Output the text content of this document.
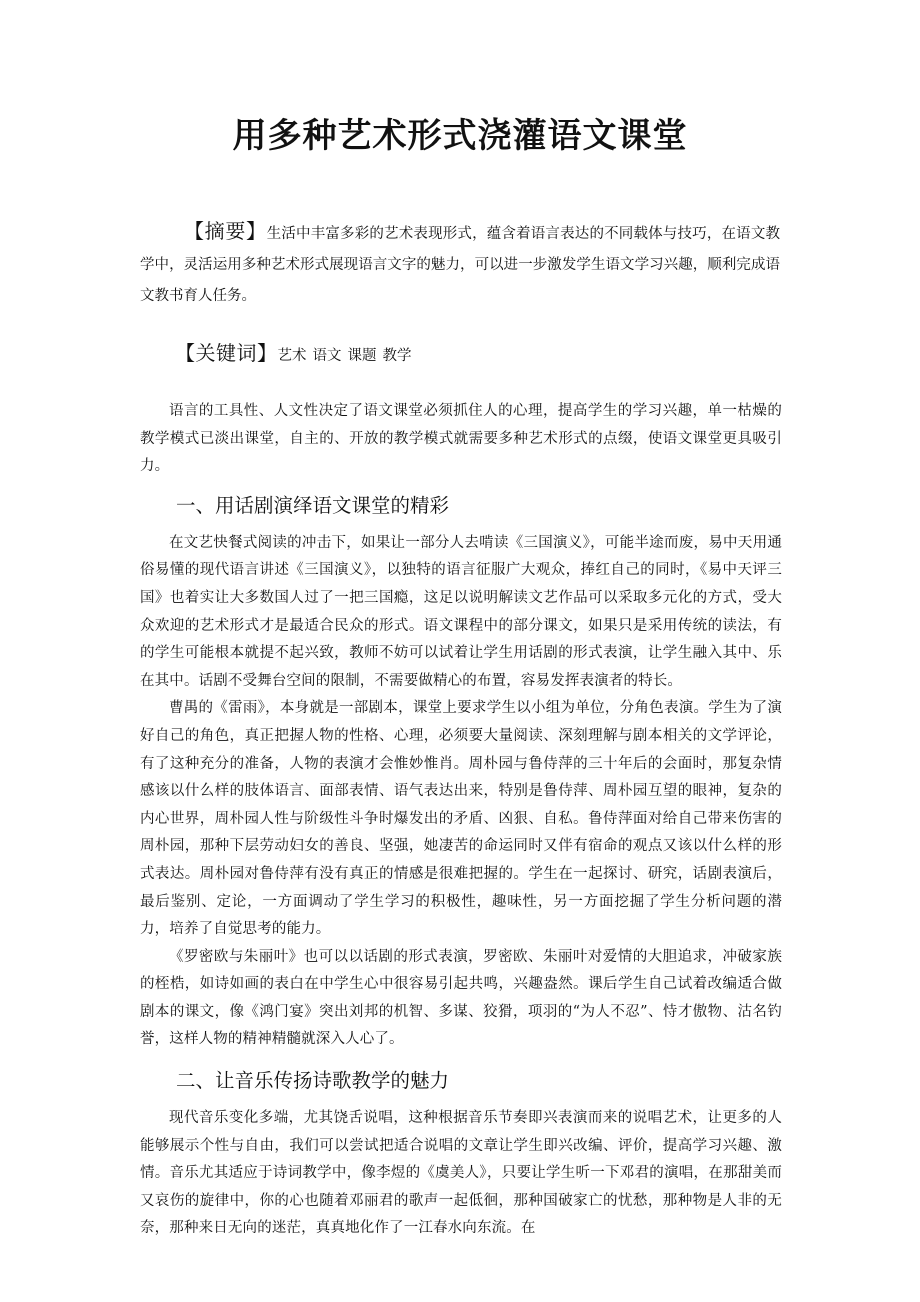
用多种艺术形式浇灌语文课堂

【摘要】生活中丰富多彩的艺术表现形式，蕴含着语言表达的不同载体与技巧，在语文教学中，灵活运用多种艺术形式展现语言文字的魅力，可以进一步激发学生语文学习兴趣，顺利完成语文教书育人任务。

【关键词】艺术 语文 课题 教学

语言的工具性、人文性决定了语文课堂必须抓住人的心理，提高学生的学习兴趣，单一枯燥的教学模式已淡出课堂，自主的、开放的教学模式就需要多种艺术形式的点缀，使语文课堂更具吸引力。

一、用话剧演绎语文课堂的精彩

在文艺快餐式阅读的冲击下，如果让一部分人去啃读《三国演义》，可能半途而废，易中天用通俗易懂的现代语言讲述《三国演义》，以独特的语言征服广大观众，捧红自己的同时，《易中天评三国》也着实让大多数国人过了一把三国瘾，这足以说明解读文艺作品可以采取多元化的方式，受大众欢迎的艺术形式才是最适合民众的形式。语文课程中的部分课文，如果只是采用传统的读法，有的学生可能根本就提不起兴致，教师不妨可以试着让学生用话剧的形式表演，让学生融入其中、乐在其中。话剧不受舞台空间的限制，不需要做精心的布置，容易发挥表演者的特长。

曹禺的《雷雨》，本身就是一部剧本，课堂上要求学生以小组为单位，分角色表演。学生为了演好自己的角色，真正把握人物的性格、心理，必须要大量阅读、深刻理解与剧本相关的文学评论，有了这种充分的准备，人物的表演才会惟妙惟肖。周朴园与鲁侍萍的三十年后的会面时，那复杂情感该以什么样的肢体语言、面部表情、语气表达出来，特别是鲁侍萍、周朴园互望的眼神，复杂的内心世界，周朴园人性与阶级性斗争时爆发出的矛盾、凶狠、自私。鲁侍萍面对给自己带来伤害的周朴园，那种下层劳动妇女的善良、坚强，她凄苦的命运同时又伴有宿命的观点又该以什么样的形式表达。周朴园对鲁侍萍有没有真正的情感是很难把握的。学生在一起探讨、研究，话剧表演后，最后鉴别、定论，一方面调动了学生学习的积极性，趣味性，另一方面挖掘了学生分析问题的潜力，培养了自觉思考的能力。

《罗密欧与朱丽叶》也可以以话剧的形式表演，罗密欧、朱丽叶对爱情的大胆追求，冲破家族的桎梏，如诗如画的表白在中学生心中很容易引起共鸣，兴趣盎然。课后学生自己试着改编适合做剧本的课文，像《鸿门宴》突出刘邦的机智、多谋、狡猾，项羽的“为人不忍”、恃才傲物、沽名钓誉，这样人物的精神精髓就深入人心了。

二、让音乐传扬诗歌教学的魅力

现代音乐变化多端，尤其饶舌说唱，这种根据音乐节奏即兴表演而来的说唱艺术，让更多的人能够展示个性与自由，我们可以尝试把适合说唱的文章让学生即兴改编、评价，提高学习兴趣、激情。音乐尤其适应于诗词教学中，像李煜的《虞美人》，只要让学生听一下邓君的演唱，在那甜美而又哀伤的旋律中，你的心也随着邓丽君的歌声一起低徊，那种国破家亡的忧愁，那种物是人非的无奈，那种来日无向的迷茫，真真地化作了一江春水向东流。在
